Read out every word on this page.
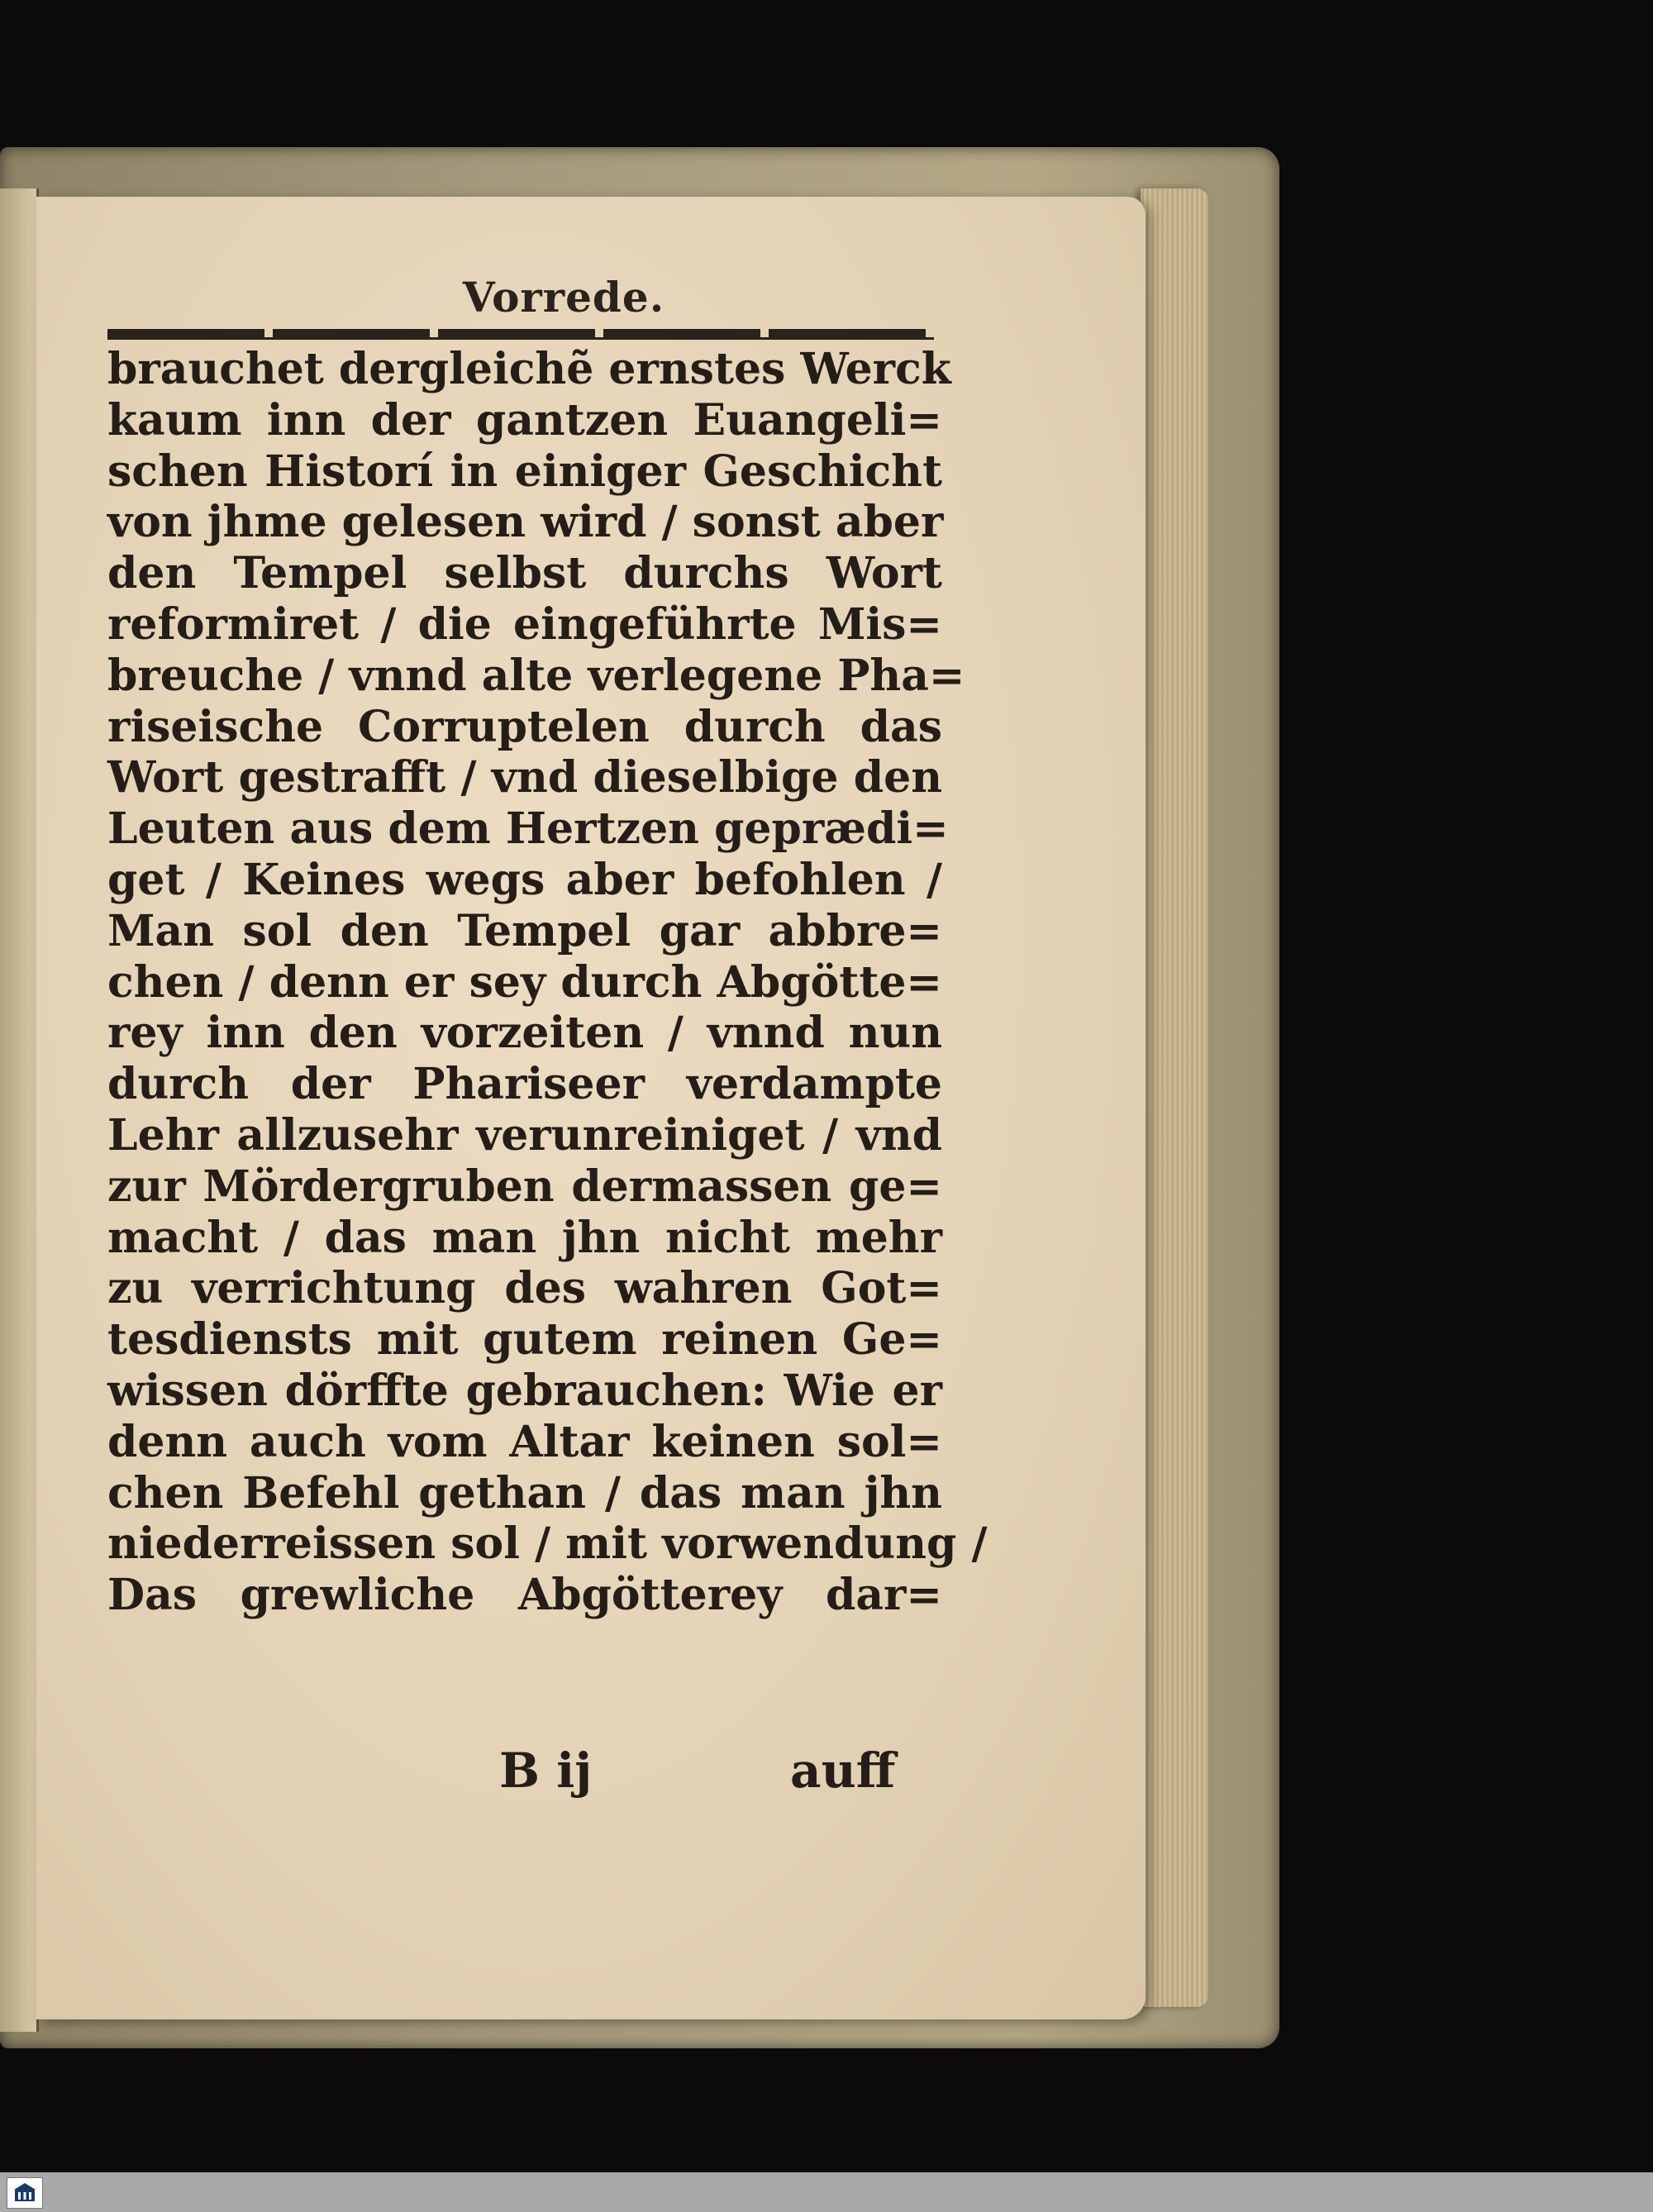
Vorrede.
brauchet dergleichẽ ernstes Werck
kaum inn der gantzen Euangeli=
schen Historí in einiger Geschicht
von jhme gelesen wird / sonst aber
den Tempel selbst durchs Wort
reformiret / die eingeführte Mis=
breuche / vnnd alte verlegene Pha=
riseische Corruptelen durch das
Wort gestrafft / vnd dieselbige den
Leuten aus dem Hertzen geprædi=
get / Keines wegs aber befohlen /
Man sol den Tempel gar abbre=
chen / denn er sey durch Abgötte=
rey inn den vorzeiten / vnnd nun
durch der Phariseer verdampte
Lehr allzusehr verunreiniget / vnd
zur Mördergruben dermassen ge=
macht / das man jhn nicht mehr
zu verrichtung des wahren Got=
tesdiensts mit gutem reinen Ge=
wissen dörffte gebrauchen: Wie er
denn auch vom Altar keinen sol=
chen Befehl gethan / das man jhn
niederreissen sol / mit vorwendung /
Das grewliche Abgötterey dar=
B ij	auff
